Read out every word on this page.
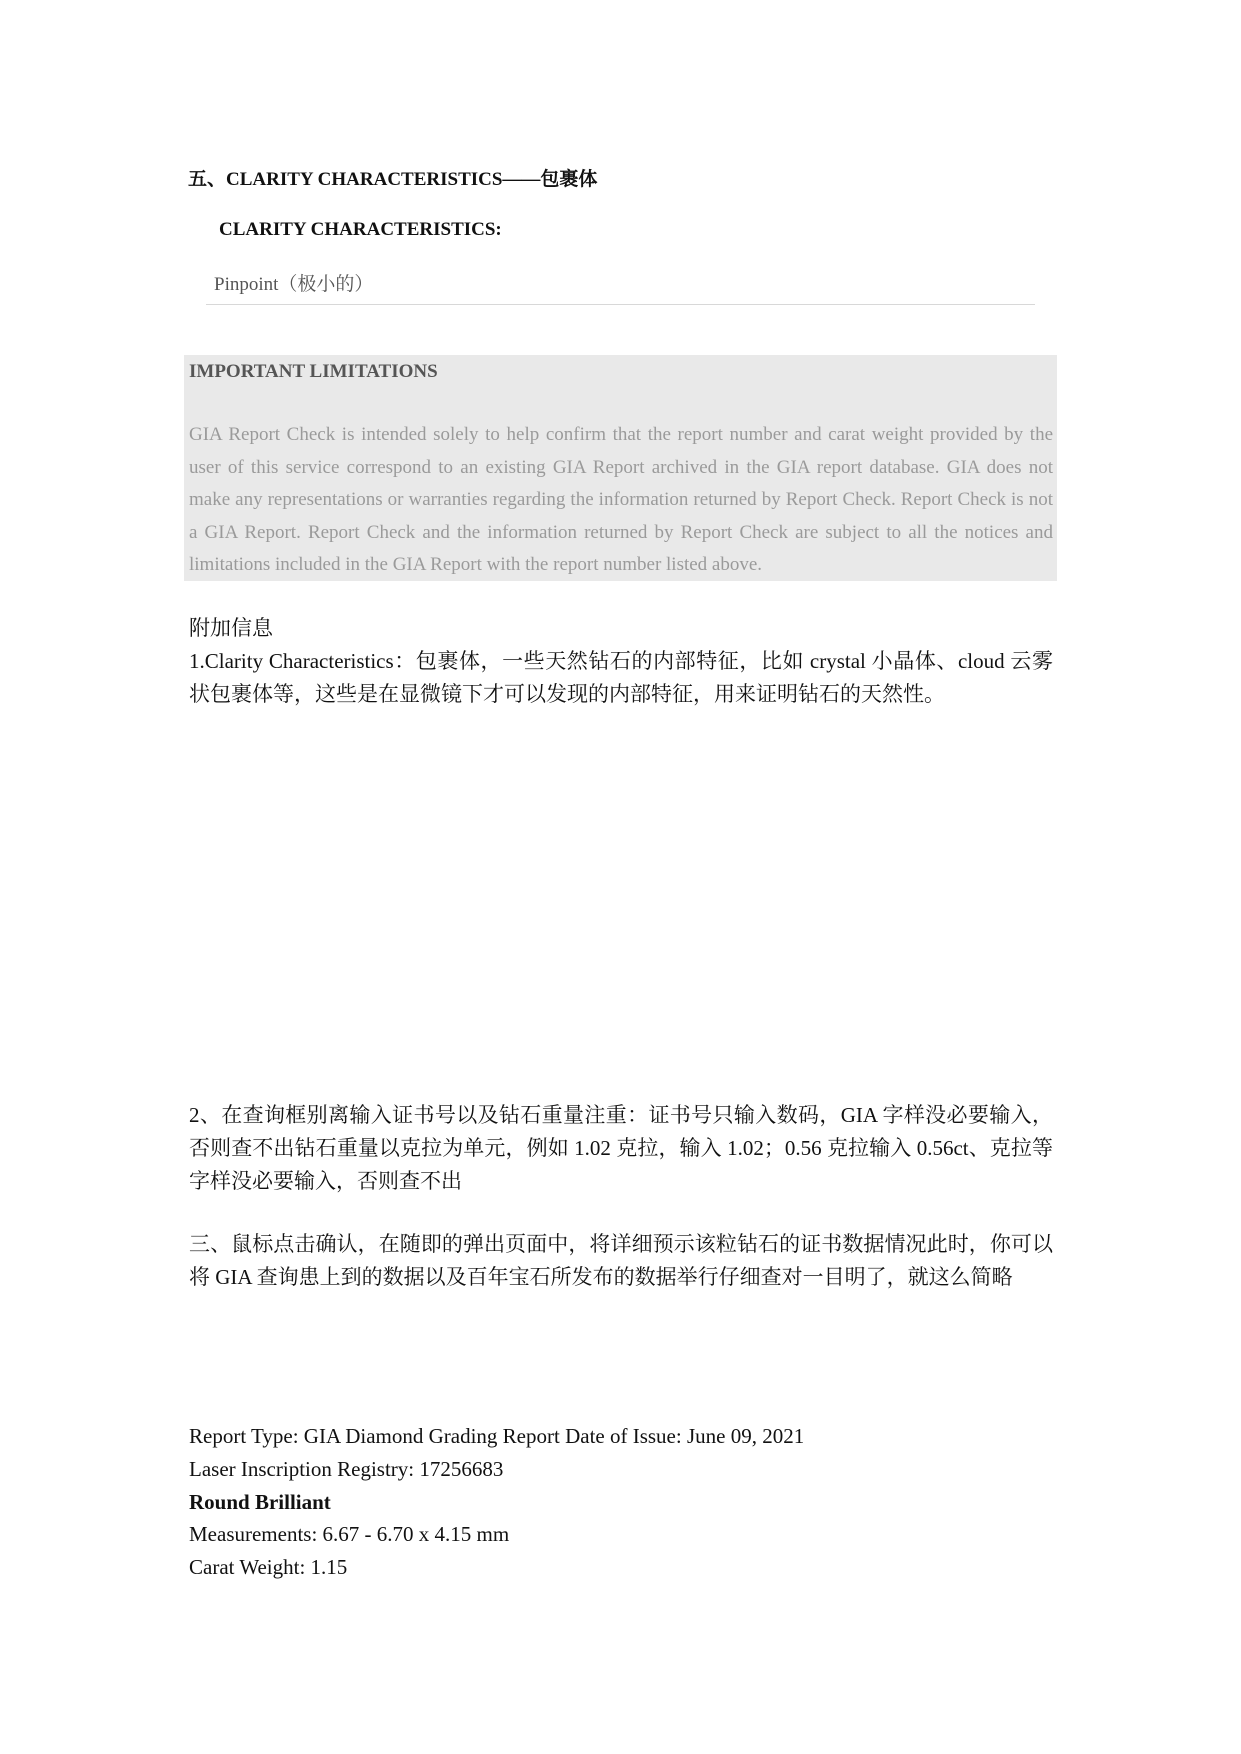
五、CLARITY CHARACTERISTICS——包裹体
CLARITY CHARACTERISTICS:
Pinpoint（极小的）
IMPORTANT LIMITATIONS
GIA Report Check is intended solely to help confirm that the report number and carat weight provided by the user of this service correspond to an existing GIA Report archived in the GIA report database. GIA does not make any representations or warranties regarding the information returned by Report Check. Report Check is not a GIA Report. Report Check and the information returned by Report Check are subject to all the notices and limitations included in the GIA Report with the report number listed above.
附加信息
1.Clarity Characteristics：包裹体，一些天然钻石的内部特征，比如 crystal 小晶体、cloud 云雾状包裹体等，这些是在显微镜下才可以发现的内部特征，用来证明钻石的天然性。
2、在查询框别离输入证书号以及钻石重量注重：证书号只输入数码，GIA 字样没必要输入，否则查不出钻石重量以克拉为单元，例如 1.02 克拉，输入 1.02；0.56 克拉输入 0.56ct、克拉等字样没必要输入，否则查不出
三、鼠标点击确认，在随即的弹出页面中，将详细预示该粒钻石的证书数据情况此时，你可以将 GIA 查询患上到的数据以及百年宝石所发布的数据举行仔细查对一目明了，就这么简略
Report Type: GIA Diamond Grading Report Date of Issue: June 09, 2021
Laser Inscription Registry: 17256683
Round Brilliant
Measurements: 6.67 - 6.70 x 4.15 mm
Carat Weight: 1.15
